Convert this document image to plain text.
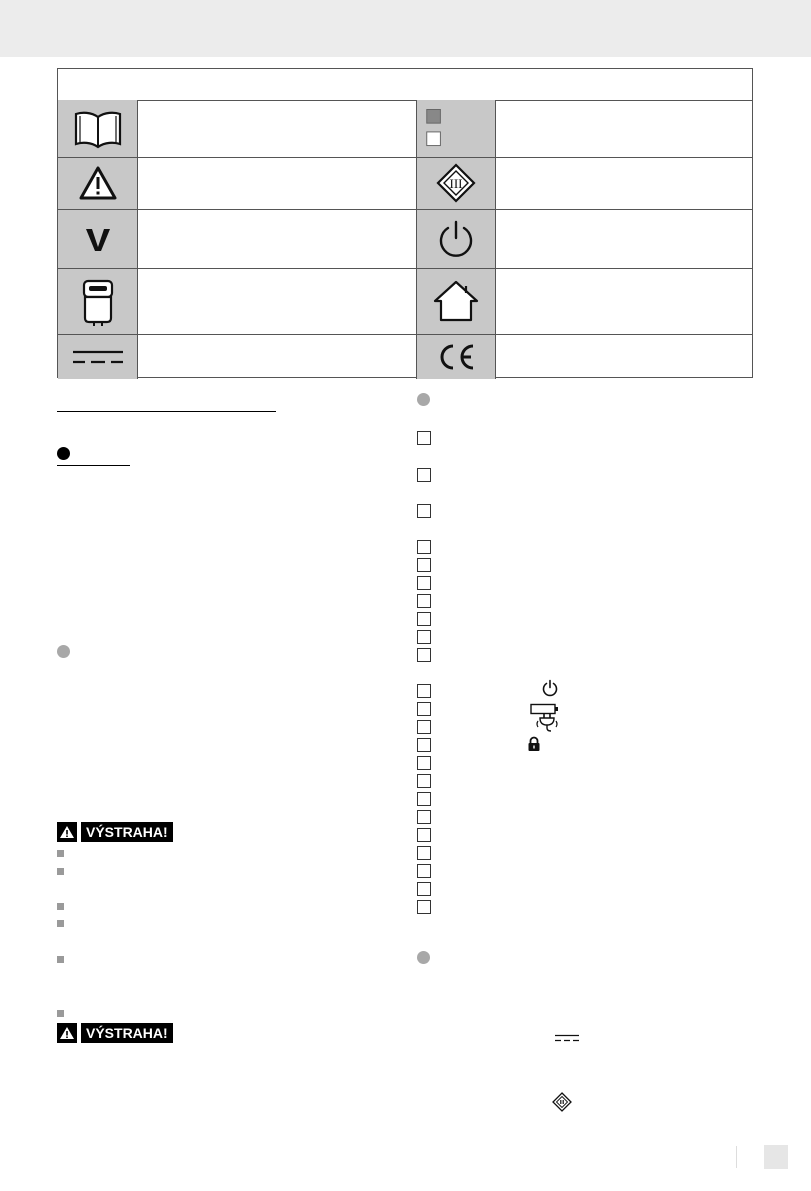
III
VÝSTRAHA!
VÝSTRAHA!
